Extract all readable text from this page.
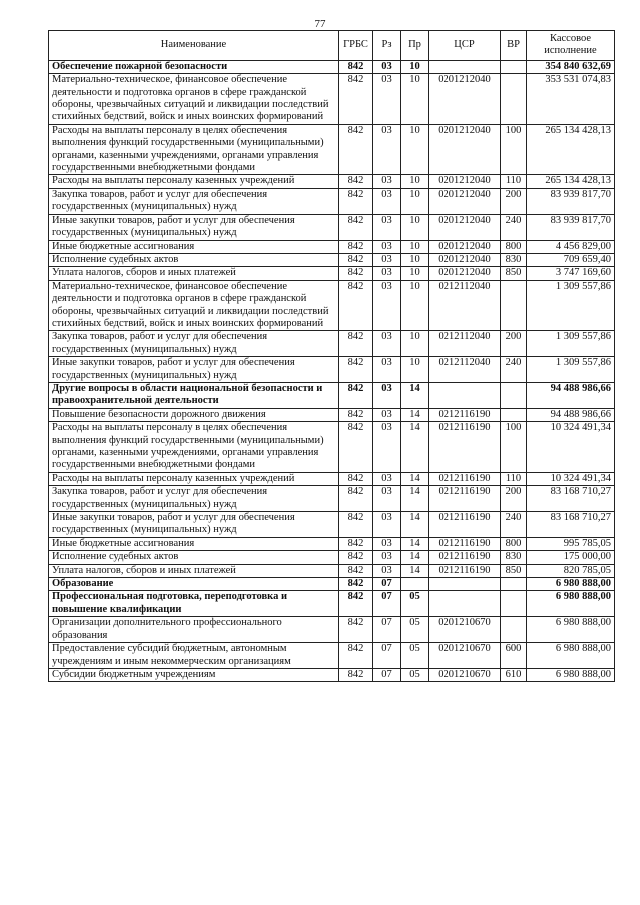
77
Наименование	ГРБС	Рз	Пр	ЦСР	ВР	Кассовое исполнение
Обеспечение пожарной безопасности	842	03	10			354 840 632,69
Материально-техническое, финансовое обеспечение деятельности и подготовка органов в сфере гражданской обороны, чрезвычайных ситуаций и ликвидации последствий стихийных бедствий, войск и иных воинских формирований	842	03	10	0201212040		353 531 074,83
Расходы на выплаты персоналу в целях обеспечения выполнения функций государственными (муниципальными) органами, казенными учреждениями, органами управления государственными внебюджетными фондами	842	03	10	0201212040	100	265 134 428,13
Расходы на выплаты персоналу казенных учреждений	842	03	10	0201212040	110	265 134 428,13
Закупка товаров, работ и услуг для обеспечения государственных (муниципальных) нужд	842	03	10	0201212040	200	83 939 817,70
Иные закупки товаров, работ и услуг для обеспечения государственных (муниципальных) нужд	842	03	10	0201212040	240	83 939 817,70
Иные бюджетные ассигнования	842	03	10	0201212040	800	4 456 829,00
Исполнение судебных актов	842	03	10	0201212040	830	709 659,40
Уплата налогов, сборов и иных платежей	842	03	10	0201212040	850	3 747 169,60
Материально-техническое, финансовое обеспечение деятельности и подготовка органов в сфере гражданской обороны, чрезвычайных ситуаций и ликвидации последствий стихийных бедствий, войск и иных воинских формирований	842	03	10	0212112040		1 309 557,86
Закупка товаров, работ и услуг для обеспечения государственных (муниципальных) нужд	842	03	10	0212112040	200	1 309 557,86
Иные закупки товаров, работ и услуг для обеспечения государственных (муниципальных) нужд	842	03	10	0212112040	240	1 309 557,86
Другие вопросы в области национальной безопасности и правоохранительной деятельности	842	03	14			94 488 986,66
Повышение безопасности дорожного движения	842	03	14	0212116190		94 488 986,66
Расходы на выплаты персоналу в целях обеспечения выполнения функций государственными (муниципальными) органами, казенными учреждениями, органами управления государственными внебюджетными фондами	842	03	14	0212116190	100	10 324 491,34
Расходы на выплаты персоналу казенных учреждений	842	03	14	0212116190	110	10 324 491,34
Закупка товаров, работ и услуг для обеспечения государственных (муниципальных) нужд	842	03	14	0212116190	200	83 168 710,27
Иные закупки товаров, работ и услуг для обеспечения государственных (муниципальных) нужд	842	03	14	0212116190	240	83 168 710,27
Иные бюджетные ассигнования	842	03	14	0212116190	800	995 785,05
Исполнение судебных актов	842	03	14	0212116190	830	175 000,00
Уплата налогов, сборов и иных платежей	842	03	14	0212116190	850	820 785,05
Образование	842	07				6 980 888,00
Профессиональная подготовка, переподготовка и повышение квалификации	842	07	05			6 980 888,00
Организации дополнительного профессионального образования	842	07	05	0201210670		6 980 888,00
Предоставление субсидий бюджетным, автономным учреждениям и иным некоммерческим организациям	842	07	05	0201210670	600	6 980 888,00
Субсидии бюджетным учреждениям	842	07	05	0201210670	610	6 980 888,00
